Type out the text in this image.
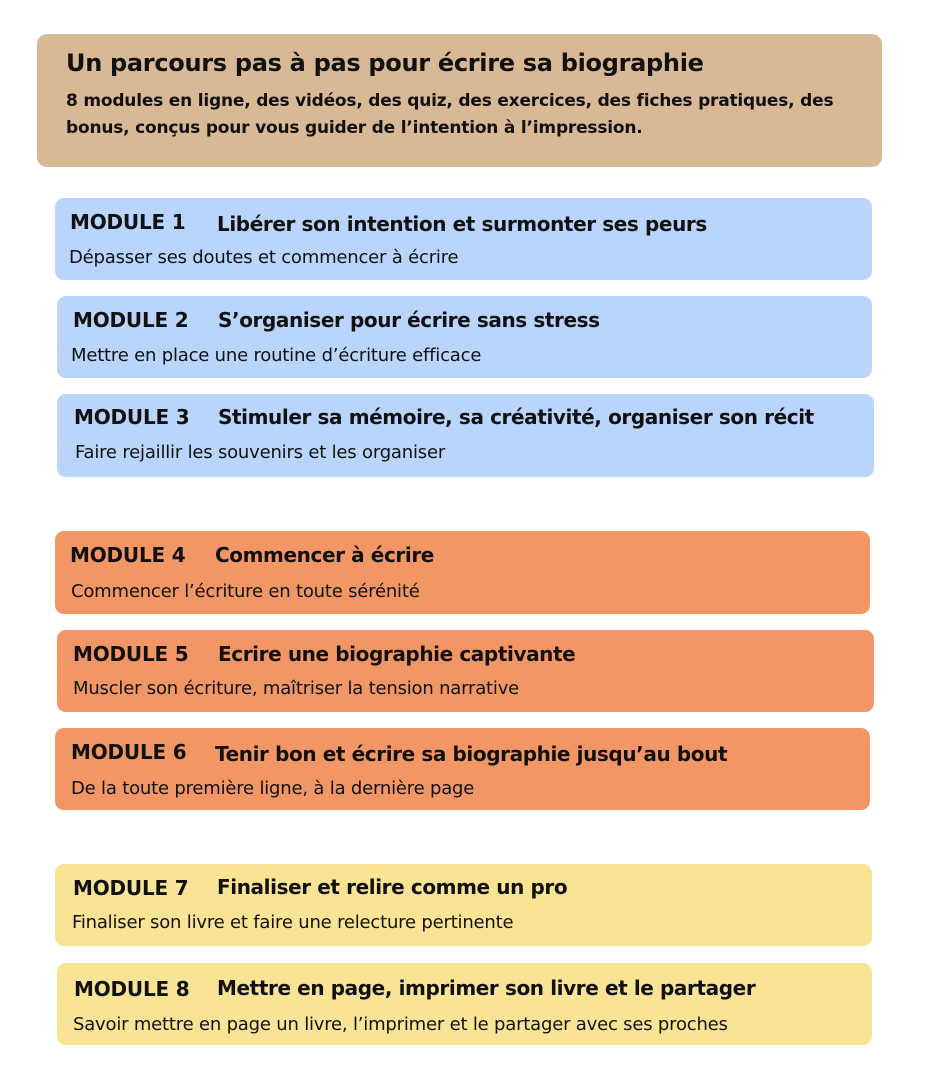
Un parcours pas à pas pour écrire sa biographie

8 modules en ligne, des vidéos, des quiz, des exercices, des fiches pratiques, des bonus, conçus pour vous guider de l’intention à l’impression.

MODULE 1 Libérer son intention et surmonter ses peurs
Dépasser ses doutes et commencer à écrire
MODULE 2 S’organiser pour écrire sans stress
Mettre en place une routine d’écriture efficace
MODULE 3 Stimuler sa mémoire, sa créativité, organiser son récit
Faire rejaillir les souvenirs et les organiser
MODULE 4 Commencer à écrire
Commencer l’écriture en toute sérénité
MODULE 5 Ecrire une biographie captivante
Muscler son écriture, maîtriser la tension narrative
MODULE 6 Tenir bon et écrire sa biographie jusqu’au bout
De la toute première ligne, à la dernière page
MODULE 7 Finaliser et relire comme un pro
Finaliser son livre et faire une relecture pertinente
MODULE 8 Mettre en page, imprimer son livre et le partager
Savoir mettre en page un livre, l’imprimer et le partager avec ses proches
